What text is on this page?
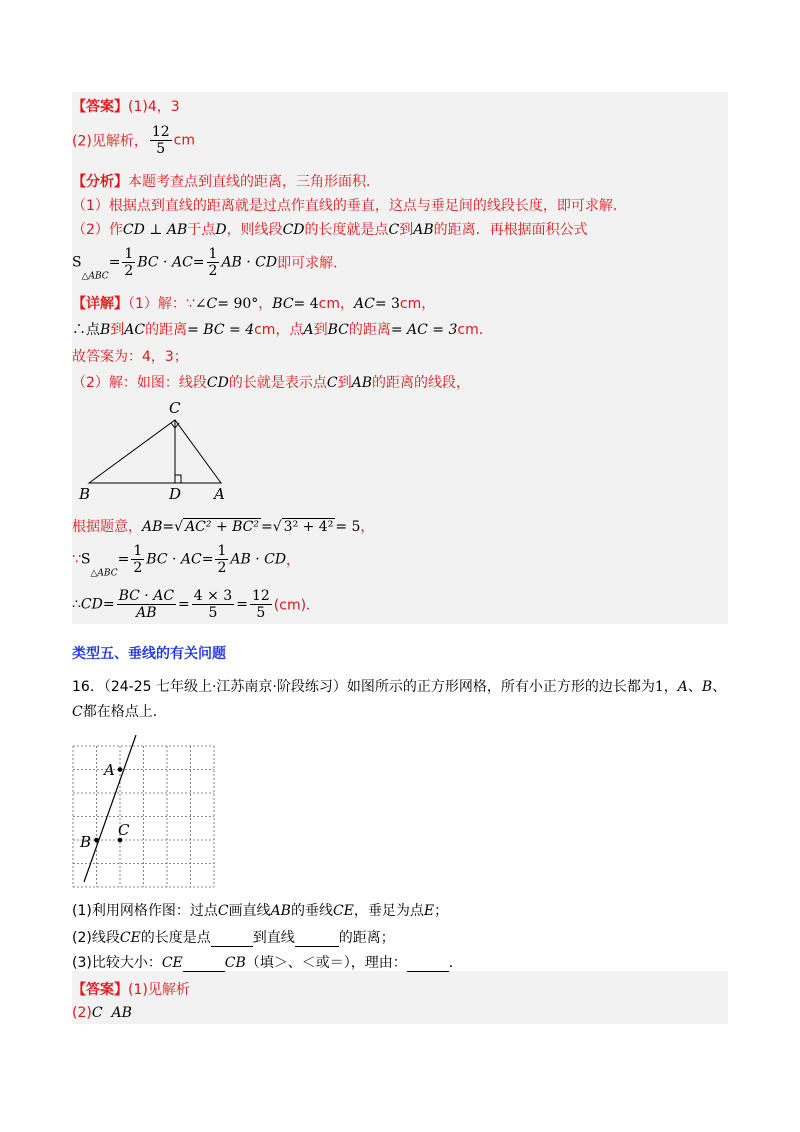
【答案】(1)4，3
(2)见解析， $\frac{12}{5}$ cm
【分析】本题考查点到直线的距离，三角形面积．
（1）根据点到直线的距离就是过点作直线的垂直，这点与垂足间的线段长度，即可求解．
（2）作CD ⊥ AB于点D，则线段CD的长度就是点C到AB的距离．再根据面积公式
$S_{\triangle ABC}= \frac{1}{2}$ BC · $AC= \frac{1}{2}$ AB · CD即可求解．
【详解】（1）解：∵∠C= 90°，BC= 4cm，AC= 3cm，
∴点B到AC的距离= BC = 4cm，点A到BC的距离= AC = 3cm．
故答案为：4，3；
（2）解：如图：线段CD的长就是表示点C到AB的距离的线段，
C
B	D A
根据题意，AB=√ AC² + BC² =√ 3² + 4² = 5，
$\because S_{\triangle ABC}= \frac{1}{2}$ BC · $AC= \frac{1}{2}$ AB · CD，
∴CD= $\frac{BC \cdot AC}{AB} = \frac{4 \times 3}{5} = \frac{12}{5} (cm)$．
类型五、垂线的有关问题
16．（24-25 七年级上·江苏南京·阶段练习）如图所示的正方形网格，所有小正方形的边长都为1，A、B、
C都在格点上．
A
B
C
(1)利用网格作图：过点C画直线AB的垂线CE，垂足为点E；
(2)线段CE的长度是点	到直线	的距离；
(3)比较大小：CE	CB（填＞、＜或＝），理由：	．
【答案】(1)见解析
(2)C AB
